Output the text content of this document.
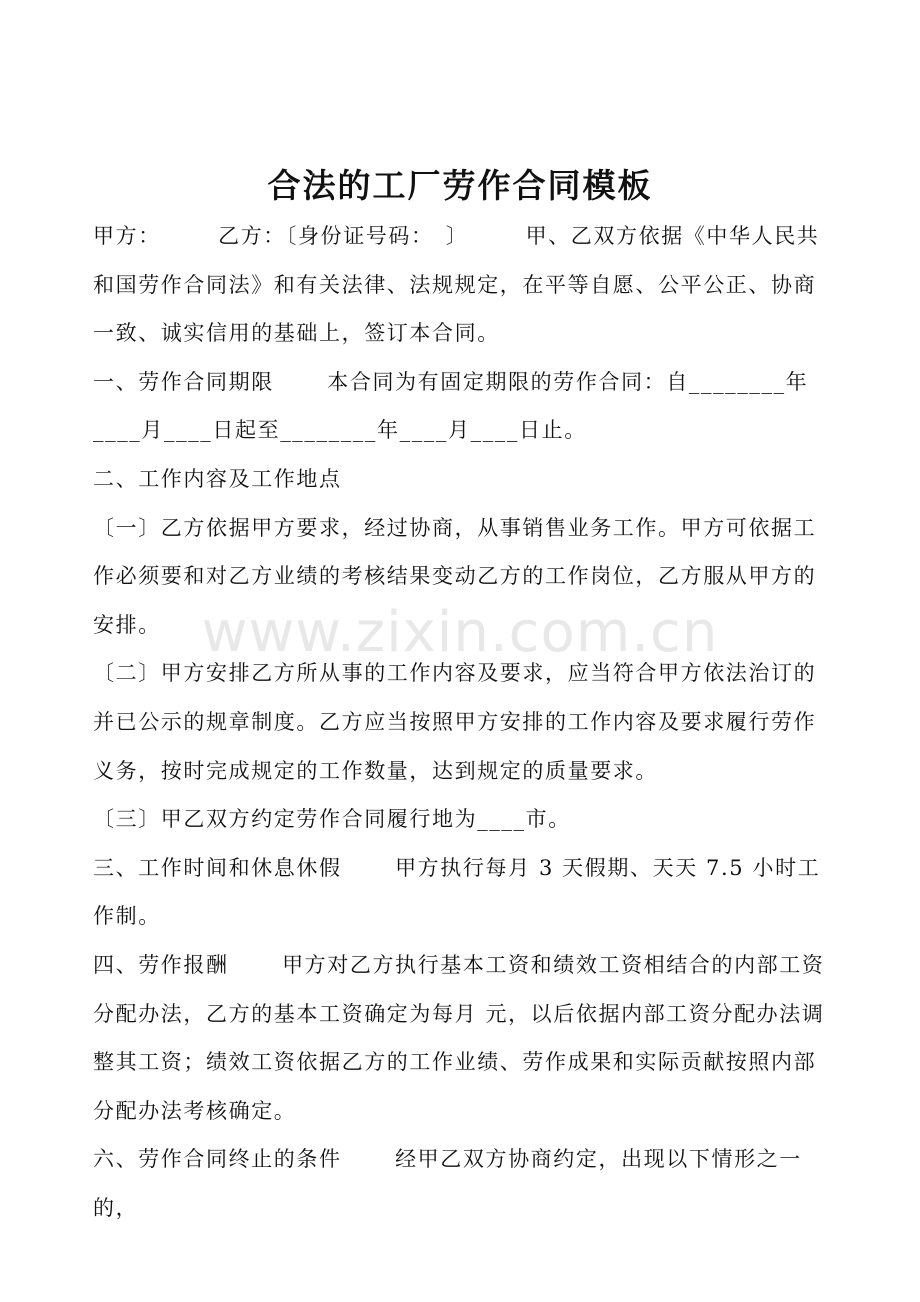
合法的工厂劳作合同模板

甲方：　　　乙方：〔身份证号码：　〕　　　甲、乙双方依据《中华人民共和国劳作合同法》和有关法律、法规规定，在平等自愿、公平公正、协商一致、诚实信用的基础上，签订本合同。

一、劳作合同期限　　 本合同为有固定期限的劳作合同：自________年____月____日起至________年____月____日止。

二、工作内容及工作地点

〔一〕乙方依据甲方要求，经过协商，从事销售业务工作。甲方可依据工作必须要和对乙方业绩的考核结果变动乙方的工作岗位，乙方服从甲方的安排。

〔二〕甲方安排乙方所从事的工作内容及要求，应当符合甲方依法治订的并已公示的规章制度。乙方应当按照甲方安排的工作内容及要求履行劳作义务，按时完成规定的工作数量，达到规定的质量要求。

〔三〕甲乙双方约定劳作合同履行地为____市。

三、工作时间和休息休假　　 甲方执行每月 3 天假期、天天 7.5 小时工作制。

四、劳作报酬　　 甲方对乙方执行基本工资和绩效工资相结合的内部工资分配办法，乙方的基本工资确定为每月 元，以后依据内部工资分配办法调整其工资；绩效工资依据乙方的工作业绩、劳作成果和实际贡献按照内部分配办法考核确定。

六、劳作合同终止的条件　　 经甲乙双方协商约定，出现以下情形之一的，

www.zixin.com.cn
